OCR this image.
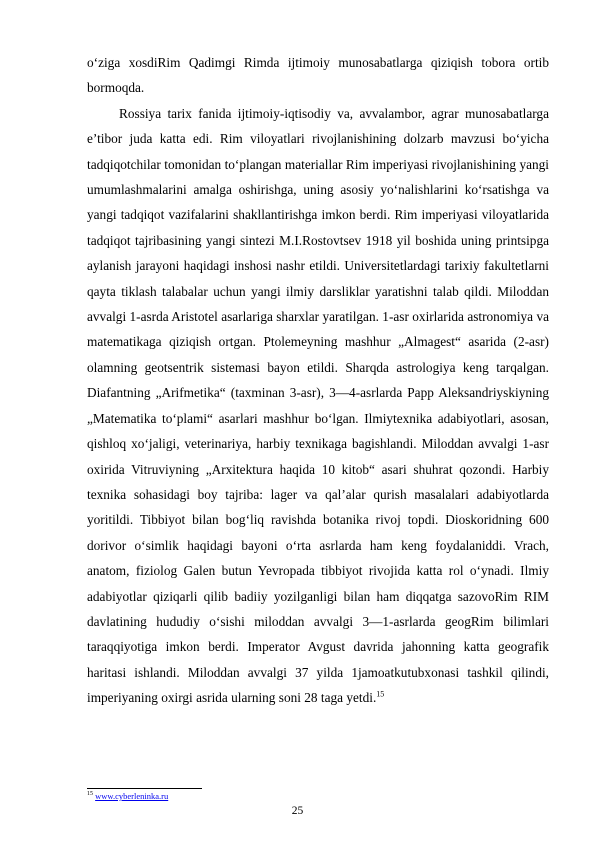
o‘ziga xosdiRim Qadimgi Rimda ijtimoiy munosabatlarga qiziqish tobora ortib bormoqda.

Rossiya tarix fanida ijtimoiy-iqtisodiy va, avvalambor, agrar munosabatlarga e’tibor juda katta edi. Rim viloyatlari rivojlanishining dolzarb mavzusi bo‘yicha tadqiqotchilar tomonidan to‘plangan materiallar Rim imperiyasi rivojlanishining yangi umumlashmalarini amalga oshirishga, uning asosiy yo‘nalishlarini ko‘rsatishga va yangi tadqiqot vazifalarini shakllantirishga imkon berdi. Rim imperiyasi viloyatlarida tadqiqot tajribasining yangi sintezi M.I.Rostovtsev 1918 yil boshida uning printsipga aylanish jarayoni haqidagi inshosi nashr etildi. Universitetlardagi tarixiy fakultetlarni qayta tiklash talabalar uchun yangi ilmiy darsliklar yaratishni talab qildi. Miloddan avvalgi 1-asrda Aristotel asarlariga sharxlar yaratilgan. 1-asr oxirlarida astronomiya va matematikaga qiziqish ortgan. Ptolemeyning mashhur „Almagest“ asarida (2-asr) olamning geotsentrik sistemasi bayon etildi. Sharqda astrologiya keng tarqalgan. Diafantning „Arifmetika“ (taxminan 3-asr), 3—4-asrlarda Papp Aleksandriyskiyning „Matematika toʻplami“ asarlari mashhur boʻlgan. Ilmiytexnika adabiyotlari, asosan, qishloq xoʻjaligi, veterinariya, harbiy texnikaga bagishlandi. Miloddan avvalgi 1-asr oxirida Vitruviyning „Arxitektura haqida 10 kitob“ asari shuhrat qozondi. Harbiy texnika sohasidagi boy tajriba: lager va qalʼalar qurish masalalari adabiyotlarda yoritildi. Tibbiyot bilan bogʻliq ravishda botanika rivoj topdi. Dioskoridning 600 dorivor oʻsimlik haqidagi bayoni oʻrta asrlarda ham keng foydalaniddi. Vrach, anatom, fiziolog Galen butun Yevropada tibbiyot rivojida katta rol oʻynadi. Ilmiy adabiyotlar qiziqarli qilib badiiy yozilganligi bilan ham diqqatga sazovoRim RIM davlatining hududiy oʻsishi miloddan avvalgi 3—1-asrlarda geogRim bilimlari taraqqiyotiga imkon berdi. Imperator Avgust davrida jahonning katta geografik haritasi ishlandi. Miloddan avvalgi 37 yilda 1jamoatkutubxonasi tashkil qilindi, imperiyaning oxirgi asrida ularning soni 28 taga yetdi.$^{15}$

$^{15}$ www.cyberleninka.ru
25
